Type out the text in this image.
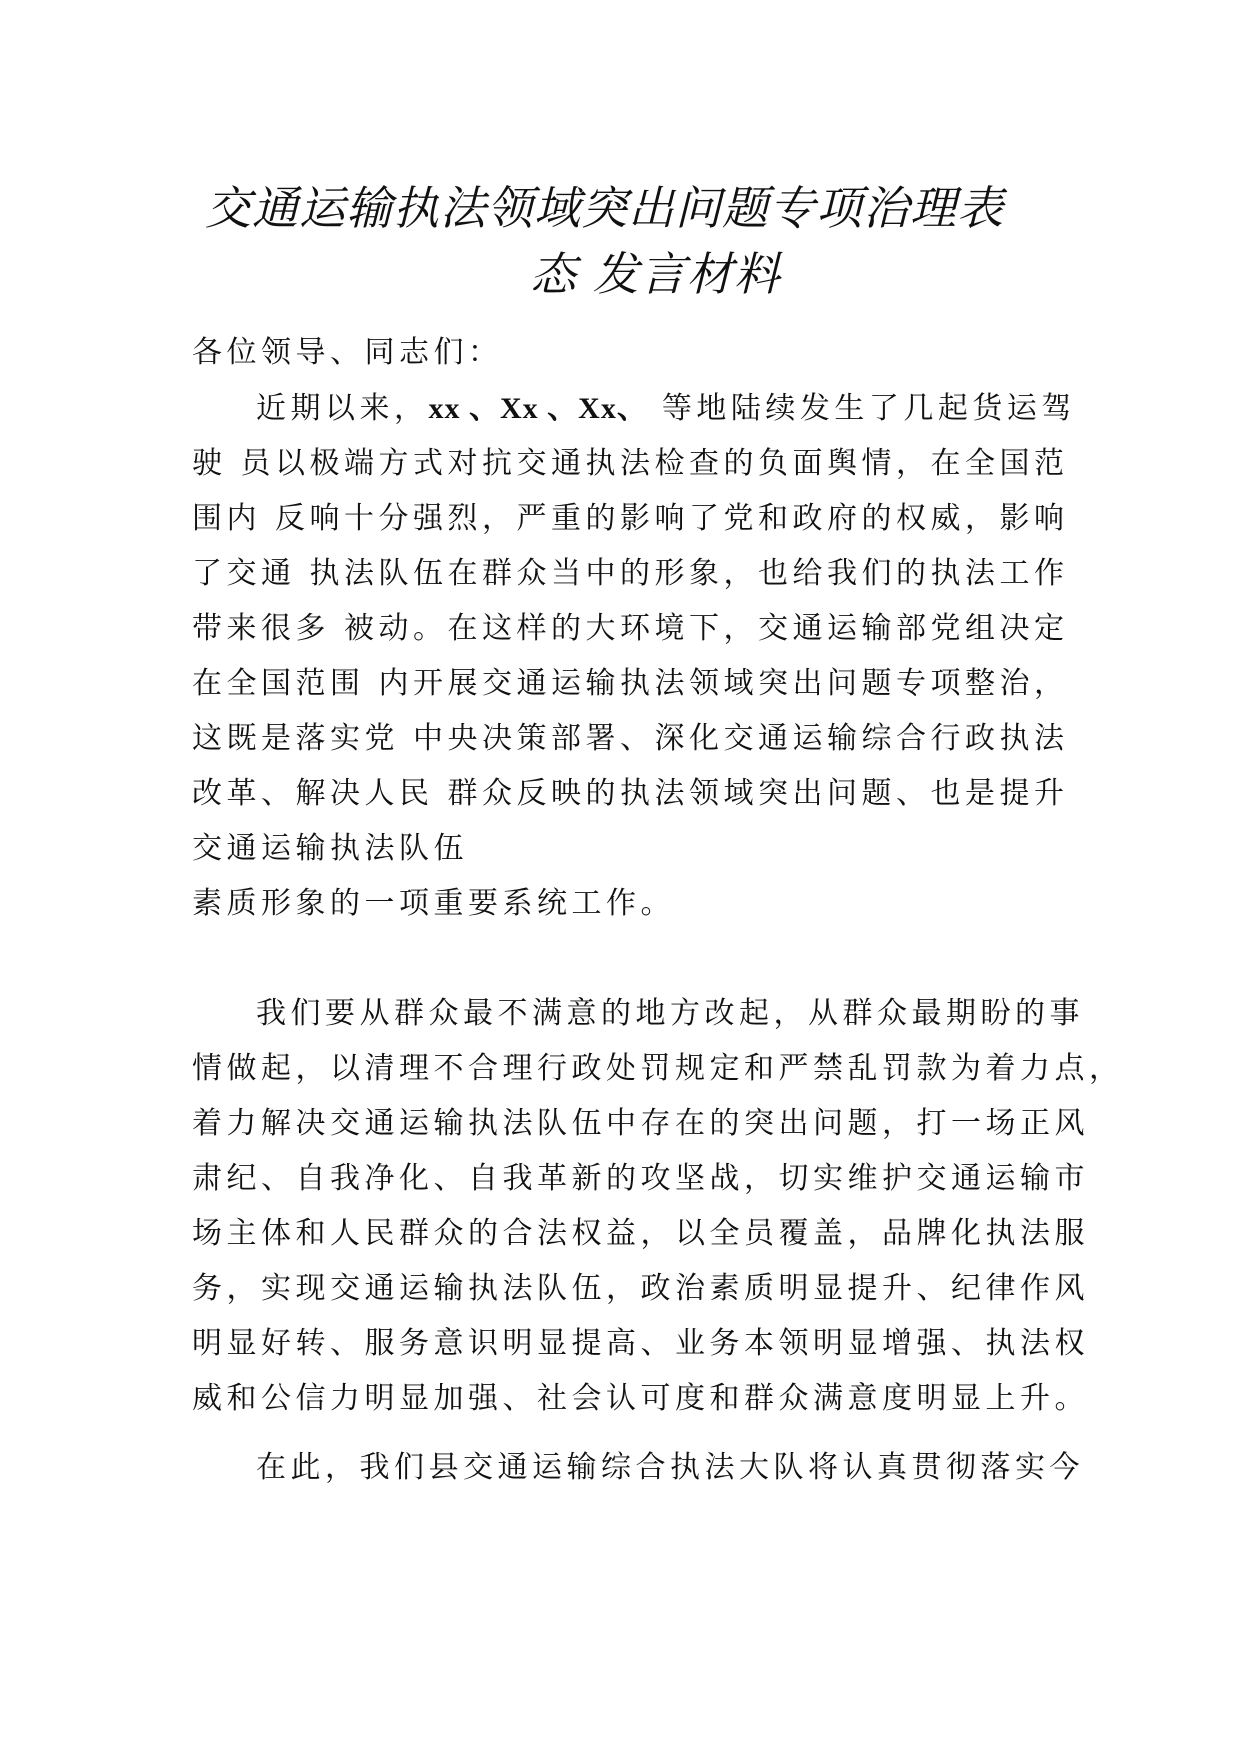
交通运输执法领域突出问题专项治理表
态 发言材料

各位领导、同志们：

近期以来，xx 、Xx 、Xx、 等地陆续发生了几起货运驾

驶 员以极端方式对抗交通执法检查的负面舆情，在全国范

围内 反响十分强烈，严重的影响了党和政府的权威，影响

了交通 执法队伍在群众当中的形象，也给我们的执法工作

带来很多 被动。在这样的大环境下，交通运输部党组决定

在全国范围 内开展交通运输执法领域突出问题专项整治，

这既是落实党 中央决策部署、深化交通运输综合行政执法

改革、解决人民 群众反映的执法领域突出问题、也是提升

交通运输执法队伍

素质形象的一项重要系统工作。

我们要从群众最不满意的地方改起，从群众最期盼的事

情做起，以清理不合理行政处罚规定和严禁乱罚款为着力点，

着力解决交通运输执法队伍中存在的突出问题，打一场正风

肃纪、自我净化、自我革新的攻坚战，切实维护交通运输市

场主体和人民群众的合法权益，以全员覆盖，品牌化执法服

务，实现交通运输执法队伍，政治素质明显提升、纪律作风

明显好转、服务意识明显提高、业务本领明显增强、执法权

威和公信力明显加强、社会认可度和群众满意度明显上升。

在此，我们县交通运输综合执法大队将认真贯彻落实今
